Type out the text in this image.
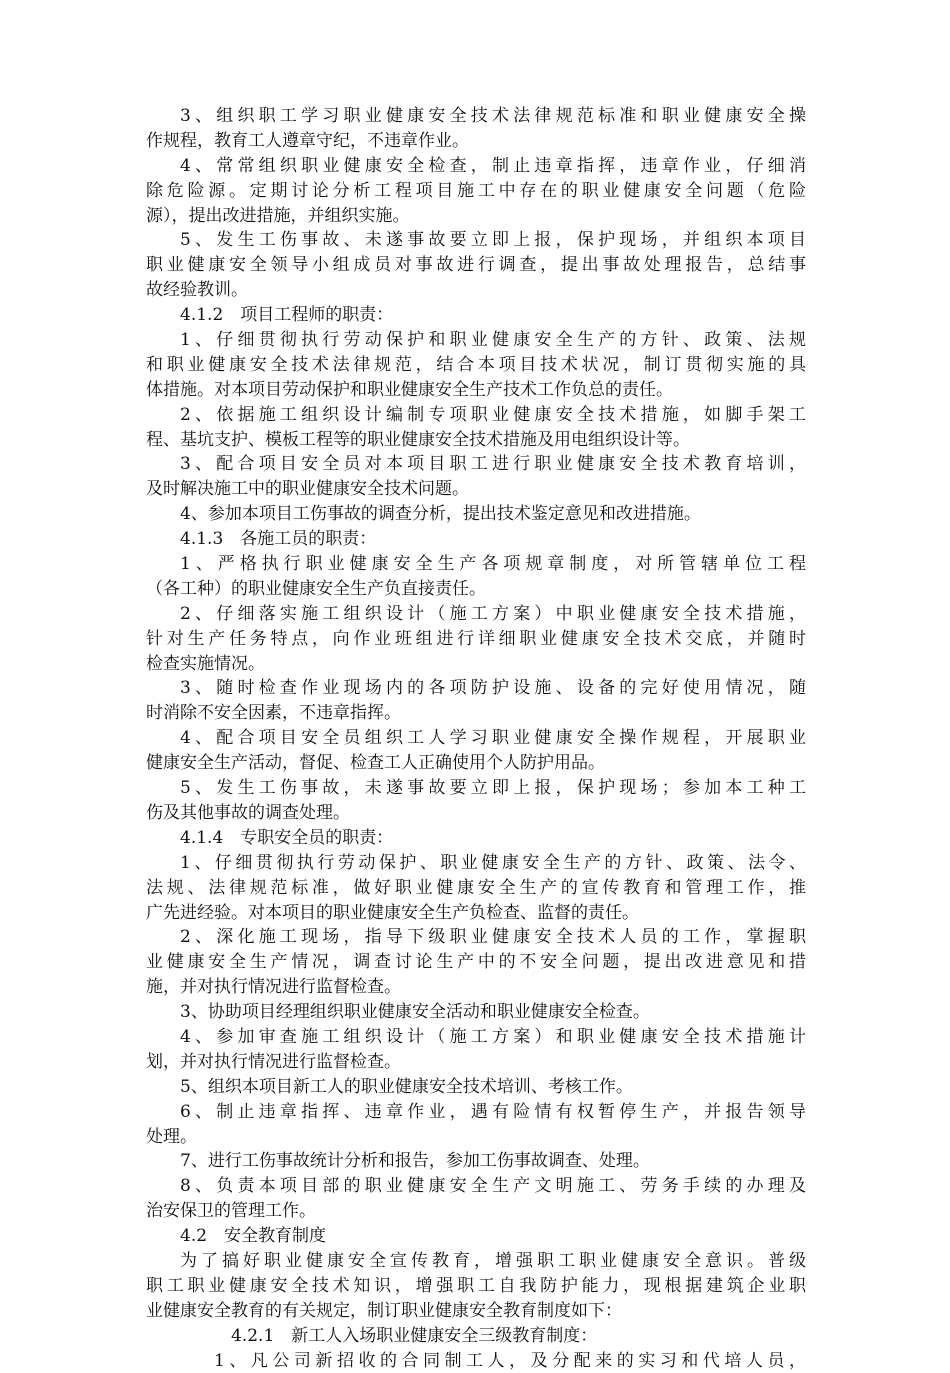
3、组织职工学习职业健康安全技术法律规范标准和职业健康安全操
作规程，教育工人遵章守纪，不违章作业。
4、常常组织职业健康安全检查，制止违章指挥，违章作业，仔细消
除危险源。定期讨论分析工程项目施工中存在的职业健康安全问题（危险
源），提出改进措施，并组织实施。
5、发生工伤事故、未遂事故要立即上报，保护现场，并组织本项目
职业健康安全领导小组成员对事故进行调查，提出事故处理报告，总结事
故经验教训。
4.1.2　项目工程师的职责：
1、仔细贯彻执行劳动保护和职业健康安全生产的方针、政策、法规
和职业健康安全技术法律规范，结合本项目技术状况，制订贯彻实施的具
体措施。对本项目劳动保护和职业健康安全生产技术工作负总的责任。
2、依据施工组织设计编制专项职业健康安全技术措施，如脚手架工
程、基坑支护、模板工程等的职业健康安全技术措施及用电组织设计等。
3、配合项目安全员对本项目职工进行职业健康安全技术教育培训，
及时解决施工中的职业健康安全技术问题。
4、参加本项目工伤事故的调查分析，提出技术鉴定意见和改进措施。
4.1.3　各施工员的职责：
1、严格执行职业健康安全生产各项规章制度，对所管辖单位工程
（各工种）的职业健康安全生产负直接责任。
2、仔细落实施工组织设计（施工方案）中职业健康安全技术措施，
针对生产任务特点，向作业班组进行详细职业健康安全技术交底，并随时
检查实施情况。
3、随时检查作业现场内的各项防护设施、设备的完好使用情况，随
时消除不安全因素，不违章指挥。
4、配合项目安全员组织工人学习职业健康安全操作规程，开展职业
健康安全生产活动，督促、检查工人正确使用个人防护用品。
5、发生工伤事故，未遂事故要立即上报，保护现场；参加本工种工
伤及其他事故的调查处理。
4.1.4　专职安全员的职责：
1、仔细贯彻执行劳动保护、职业健康安全生产的方针、政策、法令、
法规、法律规范标准，做好职业健康安全生产的宣传教育和管理工作，推
广先进经验。对本项目的职业健康安全生产负检查、监督的责任。
2、深化施工现场，指导下级职业健康安全技术人员的工作，掌握职
业健康安全生产情况，调查讨论生产中的不安全问题，提出改进意见和措
施，并对执行情况进行监督检查。
3、协助项目经理组织职业健康安全活动和职业健康安全检查。
4、参加审查施工组织设计（施工方案）和职业健康安全技术措施计
划，并对执行情况进行监督检查。
5、组织本项目新工人的职业健康安全技术培训、考核工作。
6、制止违章指挥、违章作业，遇有险情有权暂停生产，并报告领导
处理。
7、进行工伤事故统计分析和报告，参加工伤事故调查、处理。
8、负责本项目部的职业健康安全生产文明施工、劳务手续的办理及
治安保卫的管理工作。
4.2　安全教育制度
为了搞好职业健康安全宣传教育，增强职工职业健康安全意识。普级
职工职业健康安全技术知识，增强职工自我防护能力，现根据建筑企业职
业健康安全教育的有关规定，制订职业健康安全教育制度如下：
4.2.1　新工人入场职业健康安全三级教育制度：
1、凡公司新招收的合同制工人，及分配来的实习和代培人员，
